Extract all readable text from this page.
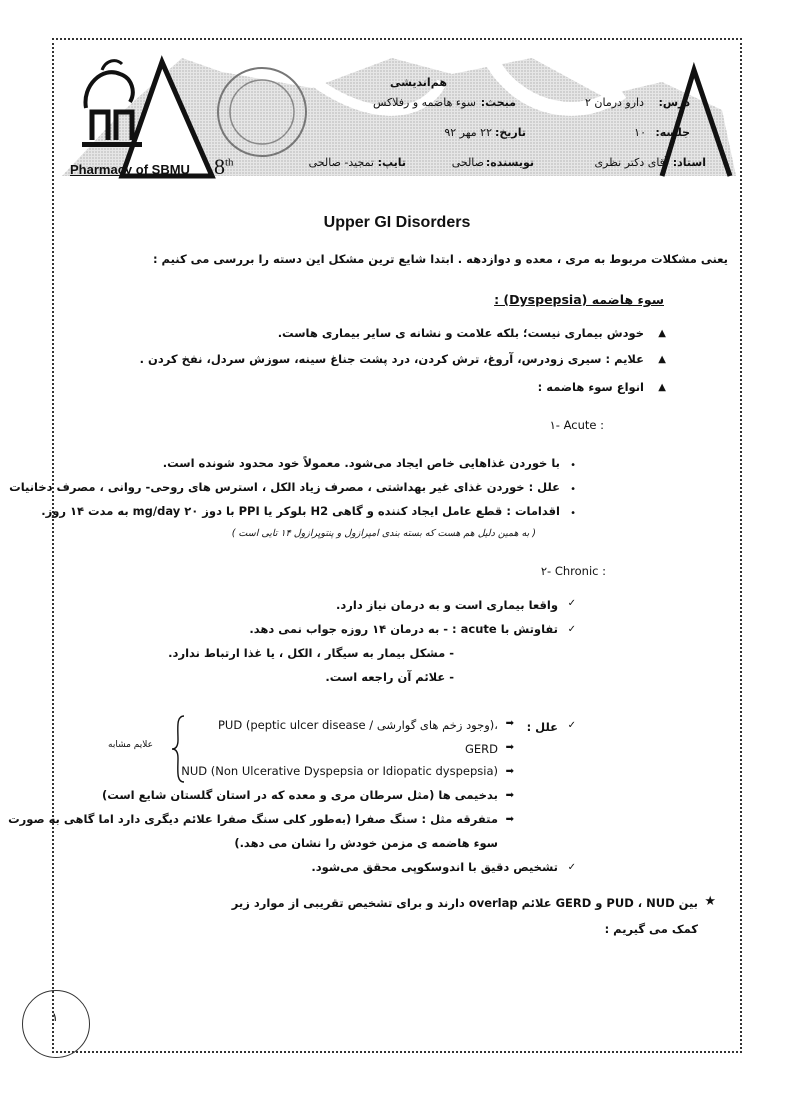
Pharmacy of SBMU 8th
هم‌اندیشی
درس:
دارو درمان ۲
مبحث:
سوء هاضمه و رفلاکس
جلسه:
۱۰
تاریخ:
۲۲ مهر ۹۲
استاد:
آقای دکتر نظری
نویسنده:
صالحی
تایپ:
تمجید- صالحی
Upper GI Disorders
یعنی مشکلات مربوط به مری ، معده و دوازدهه . ابتدا شایع ترین مشکل این دسته را بررسی می کنیم :
سوء هاضمه (Dyspepsia) :
▲
خودش بیماری نیست؛ بلکه علامت و نشانه ی سایر بیماری هاست.
▲
علایم : سیری زودرس، آروغ، ترش کردن، درد پشت جناغ سینه، سوزش سردل، نفخ کردن .
▲
انواع سوء هاضمه :
۱- Acute :
•
با خوردن غذاهایی خاص ایجاد می‌شود. معمولاً خود محدود شونده است.
•
علل : خوردن غذای غیر بهداشتی ، مصرف زیاد الکل ، استرس های روحی- روانی ، مصرف دخانیات
•
اقدامات : قطع عامل ایجاد کننده و گاهی H2 بلوکر یا PPI با دوز ۲۰ mg/day به مدت ۱۴ روز.
( به همین دلیل هم هست که بسته بندی امپرازول و پنتوپرازول ۱۴ تایی است )
۲- Chronic :
✓
واقعا بیماری است و به درمان نیاز دارد.
✓
تفاوتش با acute : - به درمان ۱۴ روزه جواب نمی دهد.
- مشکل بیمار به سیگار ، الکل ، یا غذا ارتباط ندارد.
- علائم آن راجعه است.
✓
علل :
➡
PUD (peptic ulcer disease / وجود زخم های گوارشی)،
➡
GERD
➡
NUD (Non Ulcerative Dyspepsia or Idiopatic dyspepsia)
➡
بدخیمی ها (مثل سرطان مری و معده که در استان گلستان شایع است)
➡
متفرقه مثل : سنگ صفرا (به‌طور کلی سنگ صفرا علائم دیگری دارد اما گاهی به صورت
سوء هاضمه ی مزمن خودش را نشان می دهد.)
علایم مشابه
✓
تشخیص دقیق با اندوسکوپی محقق می‌شود.
★
بین PUD ، NUD و GERD علائم overlap دارند و برای تشخیص تقریبی از موارد زیر
کمک می گیریم :
۱
